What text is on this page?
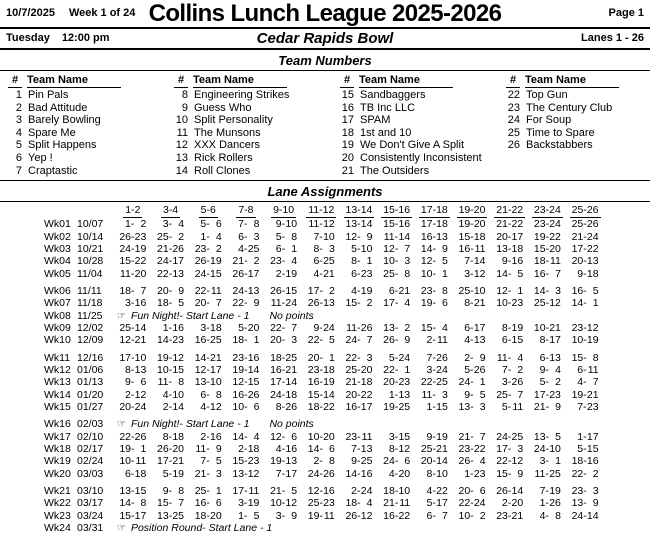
10/7/2025 Week 1 of 24 Collins Lunch League 2025-2026	Page 1
Tuesday 12:00 pm	Cedar Rapids Bowl	Lanes 1 - 26
Team Numbers
# Team Name
1 Pin Pals
2 Bad Attitude
3 Barely Bowling
4 Spare Me
5 Split Happens
6 Yep !
7 Craptastic
# Team Name
8 Engineering Strikes
9 Guess Who
10 Split Personality
11 The Munsons
12 XXX Dancers
13 Rick Rollers
14 Roll Clones
# Team Name
15 Sandbaggers
16 TB Inc LLC
17 SPAM
18 1st and 10
19 We Don't Give A Split
20 Consistently Inconsistent
21 The Outsiders
# Team Name
22 Top Gun
23 The Century Club
24 For Soup
25 Time to Spare
26 Backstabbers
Lane Assignments
1-2 3-4 5-6 7-8 9-10 11-12 13-14 15-16 17-18 19-20 21-22 23-24 25-26
Wk01 10/07	1- 2	3- 4	5- 6	7- 8	9- 10 11- 12 13- 14 15- 16 17- 18 19- 20 21- 22 23- 24 25- 26
Wk02 10/14	26- 23 25- 2	1- 4	6- 3	5- 8	7- 10 12- 9 11- 14 16- 13 15- 18 20- 17 19- 22 21- 24
Wk03 10/21	24- 19 21- 26 23- 2	4- 25	6- 1	8- 3	5- 10 12- 7 14- 9 16- 11 13- 18 15- 20 17- 22
Wk04 10/28	15- 22 24- 17 26- 19 21- 2 23- 4	6- 25	8- 1 10- 3 12- 5	7- 14	9- 16 18- 11 20- 13
Wk05 11/04	11- 20 22- 13 24- 15 26- 17	2- 19	4- 21	6- 23 25- 8 10- 1	3- 12 14- 5 16- 7	9- 18
Wk06 11/11	18- 7 20- 9 22- 11 24- 13 26- 15 17- 2	4- 19	6- 21 23- 8 25- 10 12- 1 14- 3 16- 5
Wk07 11/18	3- 16 18- 5 20- 7 22- 9 11- 24 26- 13 15- 2 17- 4 19- 6	8- 21 10- 23 25- 12 14- 1
Wk08 11/25	☞ Fun Night!- Start Lane - 1 No points
Wk09 12/02	25- 14	1- 16	3- 18	5- 20 22- 7	9- 24 11- 26 13- 2 15- 4	6- 17	8- 19 10- 21 23- 12
Wk10 12/09	12- 21 14- 23 16- 25 18- 1 20- 3 22- 5 24- 7 26- 9	2- 11	4- 13	6- 15	8- 17 10- 19
Wk11 12/16	17- 10 19- 12 14- 21 23- 16 18- 25 20- 1 22- 3	5- 24	7- 26	2- 9 11- 4	6- 13 15- 8
Wk12 01/06	8- 13 10- 15 12- 17 19- 14 16- 21 23- 18 25- 20 22- 1	3- 24	5- 26	7- 2	9- 4	6- 11
Wk13 01/13	9- 6 11- 8 13- 10 12- 15 17- 14 16- 19 21- 18 20- 23 22- 25 24- 1	3- 26	5- 2	4- 7
Wk14 01/20	2- 12	4- 10	6- 8 16- 26 24- 18 15- 14 20- 22	1- 13 11- 3	9- 5 25- 7 17- 23 19- 21
Wk15 01/27	20- 24	2- 14	4- 12 10- 6	8- 26 18- 22 16- 17 19- 25	1- 15 13- 3	5- 11 21- 9	7- 23
Wk16 02/03	☞ Fun Night!- Start Lane - 1 No points
Wk17 02/10	22- 26	8- 18	2- 16 14- 4 12- 6 10- 20 23- 11	3- 15	9- 19 21- 7 24- 25 13- 5	1- 17
Wk18 02/17	19- 1 26- 20 11- 9	2- 18	4- 16 14- 6	7- 13	8- 12 25- 21 23- 22 17- 3 24- 10	5- 15
Wk19 02/24	10- 11 17- 21	7- 5 15- 23 19- 13	2- 8	9- 25 24- 6 20- 14 26- 4 22- 12	3- 1 18- 16
Wk20 03/03	6- 18	5- 19 21- 3 13- 12	7- 17 24- 26 14- 16	4- 20	8- 10	1- 23 15- 9 11- 25 22- 2
Wk21 03/10	13- 15	9- 8 25- 1 17- 11 21- 5 12- 16	2- 24 18- 10	4- 22 20- 6 26- 14	7- 19 23- 3
Wk22 03/17	14- 8 15- 7 16- 6	3- 19 10- 12 25- 23 18- 4 21- 11	5- 17 22- 24	2- 20	1- 26 13- 9
Wk23 03/24	15- 17 13- 25 18- 20	1- 5	3- 9 19- 11 26- 12 16- 22	6- 7 10- 2 23- 21	4- 8 24- 14
Wk24 03/31	☞ Position Round- Start Lane - 1
